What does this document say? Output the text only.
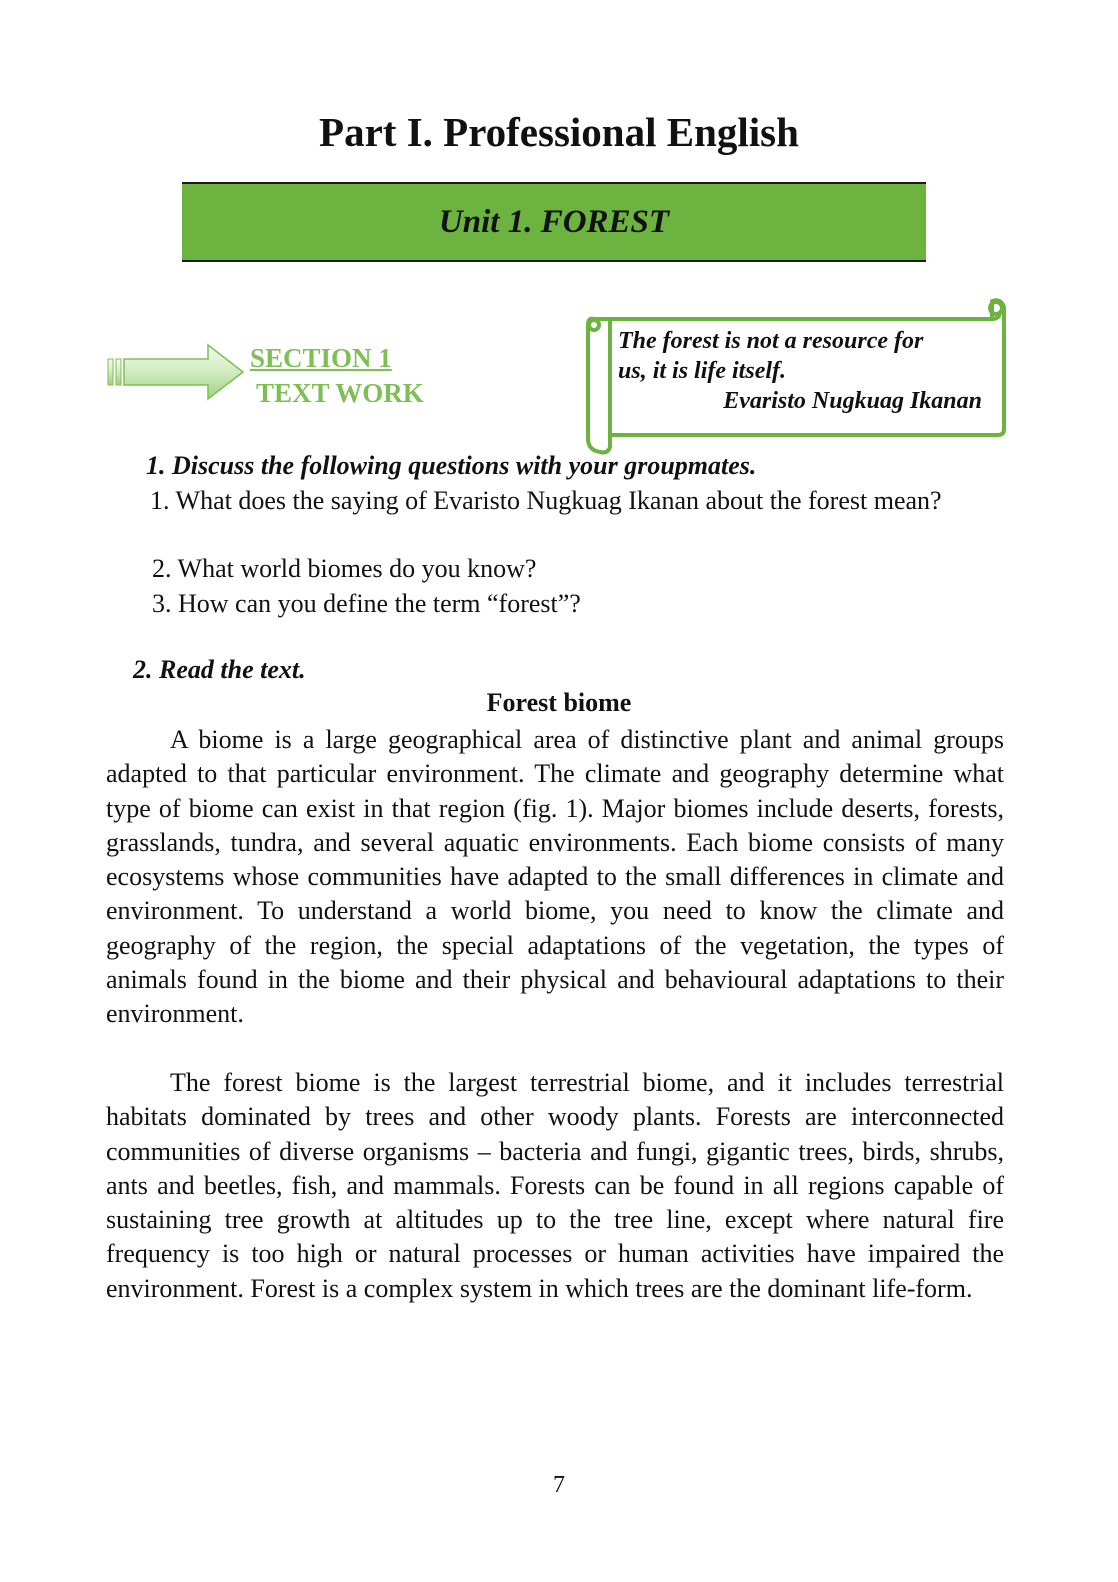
Part I. Professional English
Unit 1. FOREST
SECTION 1
TEXT WORK
The forest is not a resource for
us, it is life itself.
Evaristo Nugkuag Ikanan
1. Discuss the following questions with your groupmates.
1. What does the saying of Evaristo Nugkuag Ikanan about the forest mean?
2. What world biomes do you know?
3. How can you define the term “forest”?
2. Read the text.
Forest biome

A biome is a large geographical area of distinctive plant and animal groups adapted to that particular environment. The climate and geography determine what type of biome can exist in that region (fig. 1). Major biomes include deserts, forests, grasslands, tundra, and several aquatic environments. Each biome consists of many ecosystems whose communities have adapted to the small differences in climate and environment. To understand a world biome, you need to know the climate and geography of the region, the special adaptations of the vegetation, the types of animals found in the biome and their physical and behavioural adaptations to their environment.

The forest biome is the largest terrestrial biome, and it includes terrestrial habitats dominated by trees and other woody plants. Forests are interconnected communities of diverse organisms – bacteria and fungi, gigantic trees, birds, shrubs, ants and beetles, fish, and mammals. Forests can be found in all regions capable of sustaining tree growth at altitudes up to the tree line, except where natural fire frequency is too high or natural processes or human activities have impaired the environment. Forest is a complex system in which trees are the dominant life-form.

7
